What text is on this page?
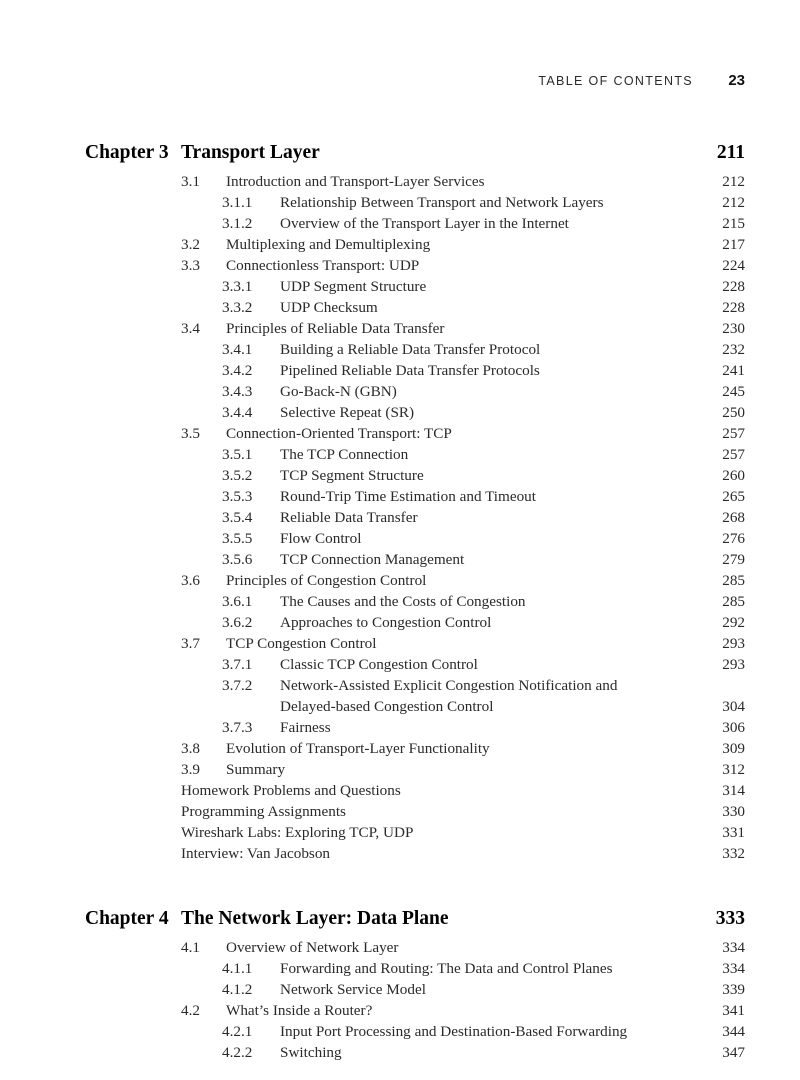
TABLE OF CONTENTS	23
Chapter 3 Transport Layer	211
3.1	Introduction and Transport-Layer Services	212
3.1.1	Relationship Between Transport and Network Layers	212
3.1.2	Overview of the Transport Layer in the Internet	215
3.2	Multiplexing and Demultiplexing	217
3.3	Connectionless Transport: UDP	224
3.3.1	UDP Segment Structure	228
3.3.2	UDP Checksum	228
3.4	Principles of Reliable Data Transfer	230
3.4.1	Building a Reliable Data Transfer Protocol	232
3.4.2	Pipelined Reliable Data Transfer Protocols	241
3.4.3	Go-Back-N (GBN)	245
3.4.4	Selective Repeat (SR)	250
3.5	Connection-Oriented Transport: TCP	257
3.5.1	The TCP Connection	257
3.5.2	TCP Segment Structure	260
3.5.3	Round-Trip Time Estimation and Timeout	265
3.5.4	Reliable Data Transfer	268
3.5.5	Flow Control	276
3.5.6	TCP Connection Management	279
3.6	Principles of Congestion Control	285
3.6.1	The Causes and the Costs of Congestion	285
3.6.2	Approaches to Congestion Control	292
3.7	TCP Congestion Control	293
3.7.1	Classic TCP Congestion Control	293
3.7.2	Network-Assisted Explicit Congestion Notification and
Delayed-based Congestion Control	304
3.7.3	Fairness	306
3.8	Evolution of Transport-Layer Functionality	309
3.9	Summary	312
Homework Problems and Questions	314
Programming Assignments	330
Wireshark Labs: Exploring TCP, UDP	331
Interview: Van Jacobson	332
Chapter 4 The Network Layer: Data Plane	333
4.1	Overview of Network Layer	334
4.1.1	Forwarding and Routing: The Data and Control Planes	334
4.1.2	Network Service Model	339
4.2	What’s Inside a Router?	341
4.2.1	Input Port Processing and Destination-Based Forwarding	344
4.2.2	Switching	347
